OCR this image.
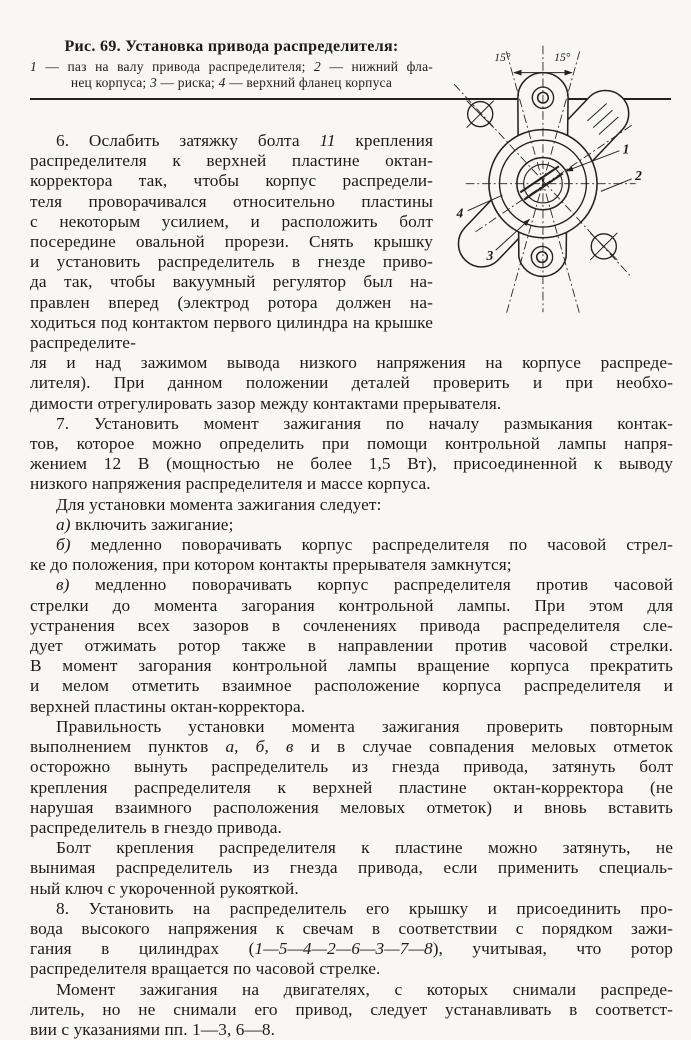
15°	15°
1
2
3
4
Рис. 69. Установка привода распределителя:
1 — паз на валу привода распределителя; 2 — нижний фла-
нец корпуса; 3 — риска; 4 — верхний фланец корпуса
6. Ослабить затяжку болта 11 крепления
распределителя к верхней пластине октан-
корректора так, чтобы корпус распредели-
теля проворачивался относительно пластины
с некоторым усилием, и расположить болт
посередине овальной прорези. Снять крышку
и установить распределитель в гнезде приво-
да так, чтобы вакуумный регулятор был на-
правлен вперед (электрод ротора должен на-
ходиться под контактом первого цилиндра на крышке распределите-
ля и над зажимом вывода низкого напряжения на корпусе распреде-
лителя). При данном положении деталей проверить и при необхо-
димости отрегулировать зазор между контактами прерывателя.
7. Установить момент зажигания по началу размыкания контак-
тов, которое можно определить при помощи контрольной лампы напря-
жением 12 В (мощностью не более 1,5 Вт), присоединенной к выводу
низкого напряжения распределителя и массе корпуса.
Для установки момента зажигания следует:
а) включить зажигание;
б) медленно поворачивать корпус распределителя по часовой стрел-
ке до положения, при котором контакты прерывателя замкнутся;
в) медленно поворачивать корпус распределителя против часовой
стрелки до момента загорания контрольной лампы. При этом для
устранения всех зазоров в сочленениях привода распределителя сле-
дует отжимать ротор также в направлении против часовой стрелки.
В момент загорания контрольной лампы вращение корпуса прекратить
и мелом отметить взаимное расположение корпуса распределителя и
верхней пластины октан-корректора.
Правильность установки момента зажигания проверить повторным
выполнением пунктов а, б, в и в случае совпадения меловых отметок
осторожно вынуть распределитель из гнезда привода, затянуть болт
крепления распределителя к верхней пластине октан-корректора (не
нарушая взаимного расположения меловых отметок) и вновь вставить
распределитель в гнездо привода.
Болт крепления распределителя к пластине можно затянуть, не
вынимая распределитель из гнезда привода, если применить специаль-
ный ключ с укороченной рукояткой.
8. Установить на распределитель его крышку и присоединить про-
вода высокого напряжения к свечам в соответствии с порядком зажи-
гания в цилиндрах (1—5—4—2—6—3—7—8), учитывая, что ротор
распределителя вращается по часовой стрелке.
Момент зажигания на двигателях, с которых снимали распреде-
литель, но не снимали его привод, следует устанавливать в соответст-
вии с указаниями пп. 1—3, 6—8.
